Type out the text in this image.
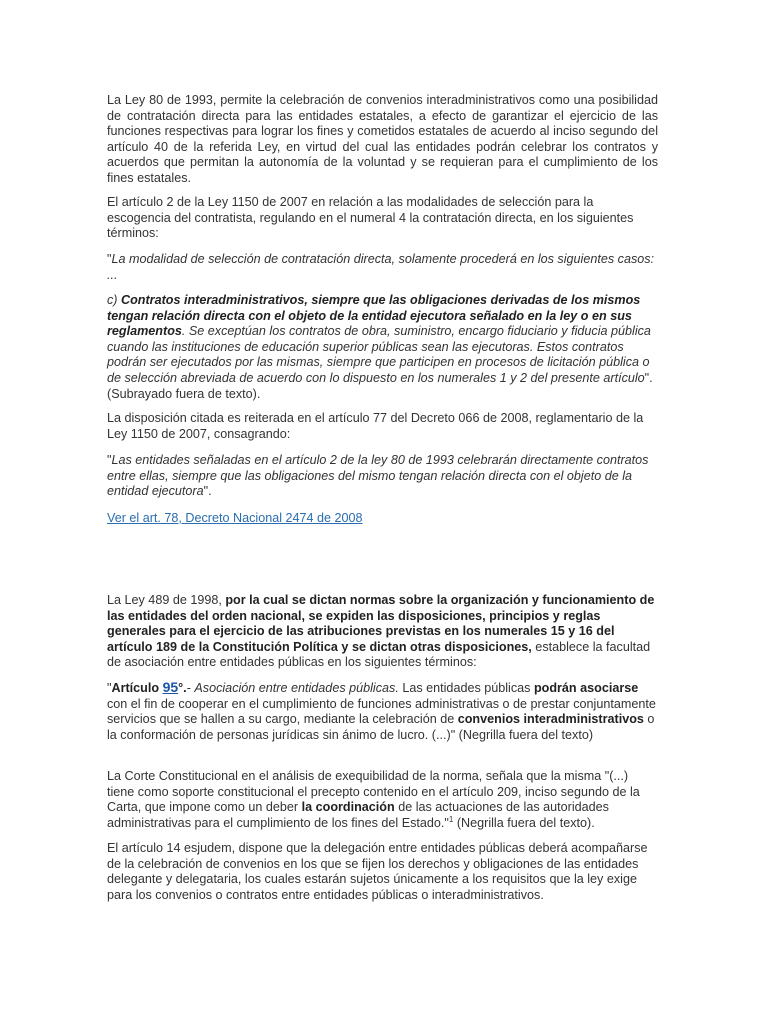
La Ley 80 de 1993, permite la celebración de convenios interadministrativos como una posibilidad de contratación directa para las entidades estatales, a efecto de garantizar el ejercicio de las funciones respectivas para lograr los fines y cometidos estatales de acuerdo al inciso segundo del artículo 40 de la referida Ley, en virtud del cual las entidades podrán celebrar los contratos y acuerdos que permitan la autonomía de la voluntad y se requieran para el cumplimiento de los fines estatales.

El artículo 2 de la Ley 1150 de 2007 en relación a las modalidades de selección para la escogencia del contratista, regulando en el numeral 4 la contratación directa, en los siguientes términos:

"La modalidad de selección de contratación directa, solamente procederá en los siguientes casos: ...

c) Contratos interadministrativos, siempre que las obligaciones derivadas de los mismos tengan relación directa con el objeto de la entidad ejecutora señalado en la ley o en sus reglamentos. Se exceptúan los contratos de obra, suministro, encargo fiduciario y fiducia pública cuando las instituciones de educación superior públicas sean las ejecutoras. Estos contratos podrán ser ejecutados por las mismas, siempre que participen en procesos de licitación pública o de selección abreviada de acuerdo con lo dispuesto en los numerales 1 y 2 del presente artículo". (Subrayado fuera de texto).

La disposición citada es reiterada en el artículo 77 del Decreto 066 de 2008, reglamentario de la Ley 1150 de 2007, consagrando:

"Las entidades señaladas en el artículo 2 de la ley 80 de 1993 celebrarán directamente contratos entre ellas, siempre que las obligaciones del mismo tengan relación directa con el objeto de la entidad ejecutora".

Ver el art. 78, Decreto Nacional 2474 de 2008

La Ley 489 de 1998, por la cual se dictan normas sobre la organización y funcionamiento de las entidades del orden nacional, se expiden las disposiciones, principios y reglas generales para el ejercicio de las atribuciones previstas en los numerales 15 y 16 del artículo 189 de la Constitución Política y se dictan otras disposiciones, establece la facultad de asociación entre entidades públicas en los siguientes términos:

"Artículo 95°.- Asociación entre entidades públicas. Las entidades públicas podrán asociarse con el fin de cooperar en el cumplimiento de funciones administrativas o de prestar conjuntamente servicios que se hallen a su cargo, mediante la celebración de convenios interadministrativos o la conformación de personas jurídicas sin ánimo de lucro. (...)" (Negrilla fuera del texto)

La Corte Constitucional en el análisis de exequibilidad de la norma, señala que la misma "(...) tiene como soporte constitucional el precepto contenido en el artículo 209, inciso segundo de la Carta, que impone como un deber la coordinación de las actuaciones de las autoridades administrativas para el cumplimiento de los fines del Estado."$^1$ (Negrilla fuera del texto).

El artículo 14 esjudem, dispone que la delegación entre entidades públicas deberá acompañarse de la celebración de convenios en los que se fijen los derechos y obligaciones de las entidades delegante y delegataria, los cuales estarán sujetos únicamente a los requisitos que la ley exige para los convenios o contratos entre entidades públicas o interadministrativos.
